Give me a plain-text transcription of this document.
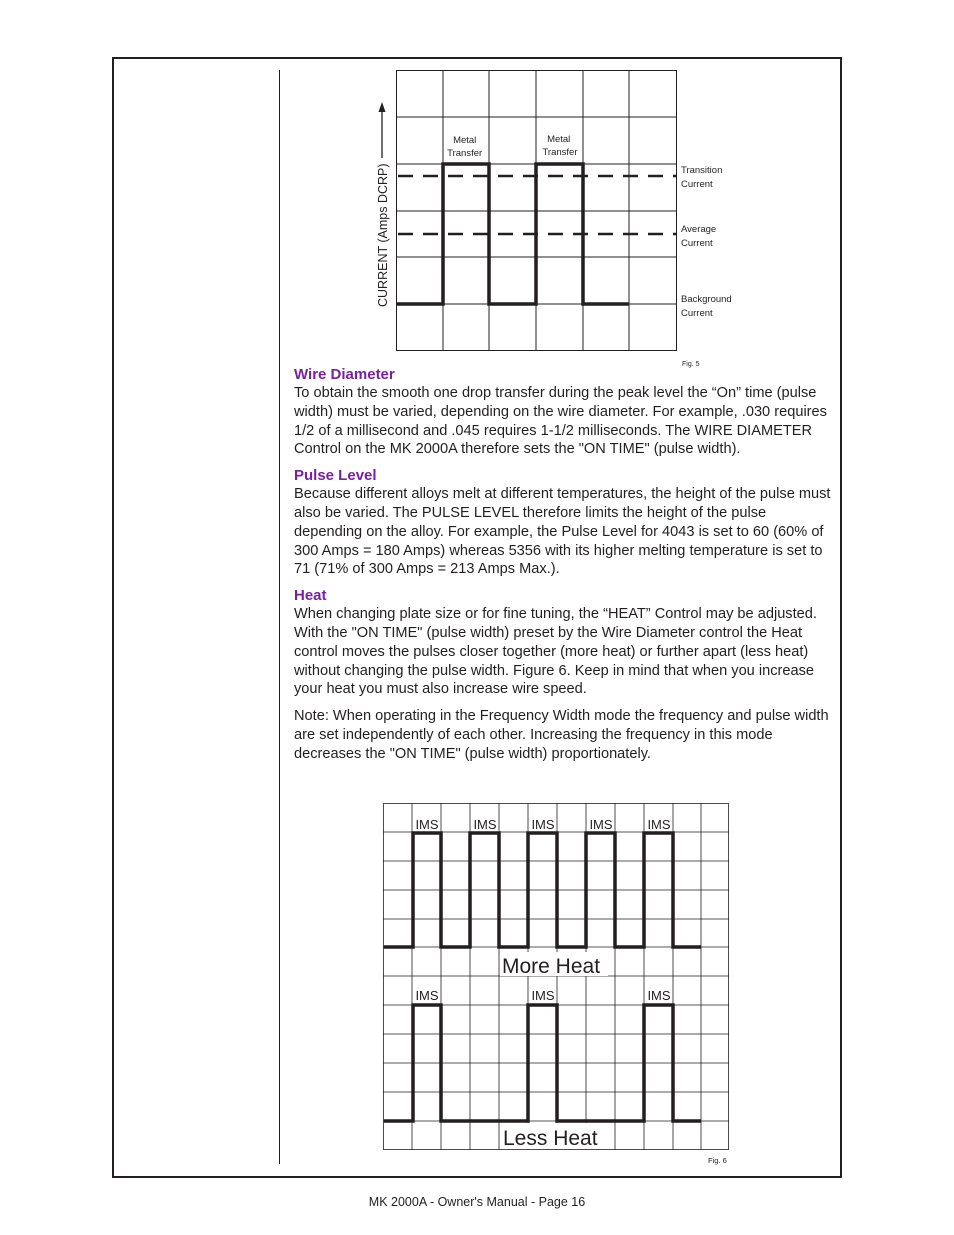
CURRENT (Amps DCRP)
Metal Transfer Metal Transfer
Transition Current Average Current Background Current
Fig. 5

Wire Diameter

To obtain the smooth one drop transfer during the peak level the “On” time (pulse width) must be varied, depending on the wire diameter. For example, .030 requires 1/2 of a millisecond and .045 requires 1-1/2 milliseconds. The WIRE DIAMETER Control on the MK 2000A therefore sets the "ON TIME" (pulse width).

Pulse Level

Because different alloys melt at different temperatures, the height of the pulse must also be varied. The PULSE LEVEL therefore limits the height of the pulse depending on the alloy. For example, the Pulse Level for 4043 is set to 60 (60% of 300 Amps = 180 Amps) whereas 5356 with its higher melting temperature is set to 71 (71% of 300 Amps = 213 Amps Max.).

Heat

When changing plate size or for fine tuning, the “HEAT” Control may be adjusted. With the "ON TIME" (pulse width) preset by the Wire Diameter control the Heat control moves the pulses closer together (more heat) or further apart (less heat) without changing the pulse width. Figure 6. Keep in mind that when you increase your heat you must also increase wire speed.

Note: When operating in the Frequency Width mode the frequency and pulse width are set independently of each other. Increasing the frequency in this mode decreases the "ON TIME" (pulse width) proportionately.

IMS	IMS	IMS	IMS	IMS
IMS	IMS	IMS
More Heat
Less Heat
Fig. 6
MK 2000A - Owner's Manual - Page 16
